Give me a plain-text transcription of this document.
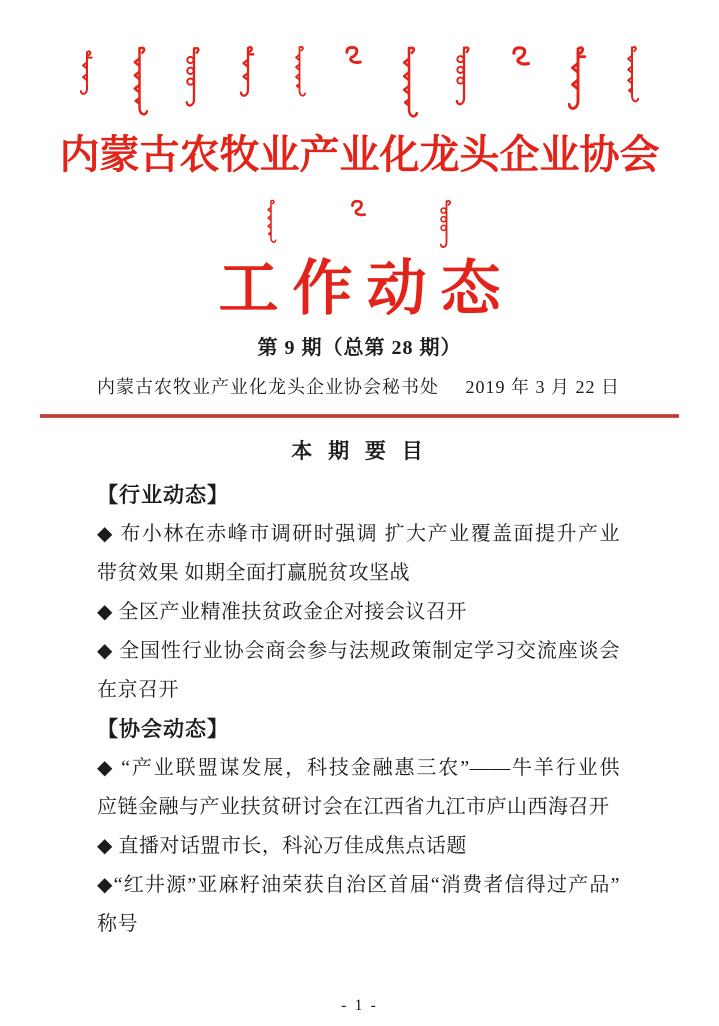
内蒙古农牧业产业化龙头企业协会
工作动态
第 9 期（总第 28 期）
内蒙古农牧业产业化龙头企业协会秘书处 2019 年 3 月 22 日
本 期 要 目
【行业动态】
◆ 布小林在赤峰市调研时强调 扩大产业覆盖面提升产业
带贫效果 如期全面打赢脱贫攻坚战
◆ 全区产业精准扶贫政金企对接会议召开
◆ 全国性行业协会商会参与法规政策制定学习交流座谈会
在京召开
【协会动态】
◆ “产业联盟谋发展，科技金融惠三农”——牛羊行业供
应链金融与产业扶贫研讨会在江西省九江市庐山西海召开
◆ 直播对话盟市长，科沁万佳成焦点话题
◆“红井源”亚麻籽油荣获自治区首届“消费者信得过产品”
称号
- 1 -
